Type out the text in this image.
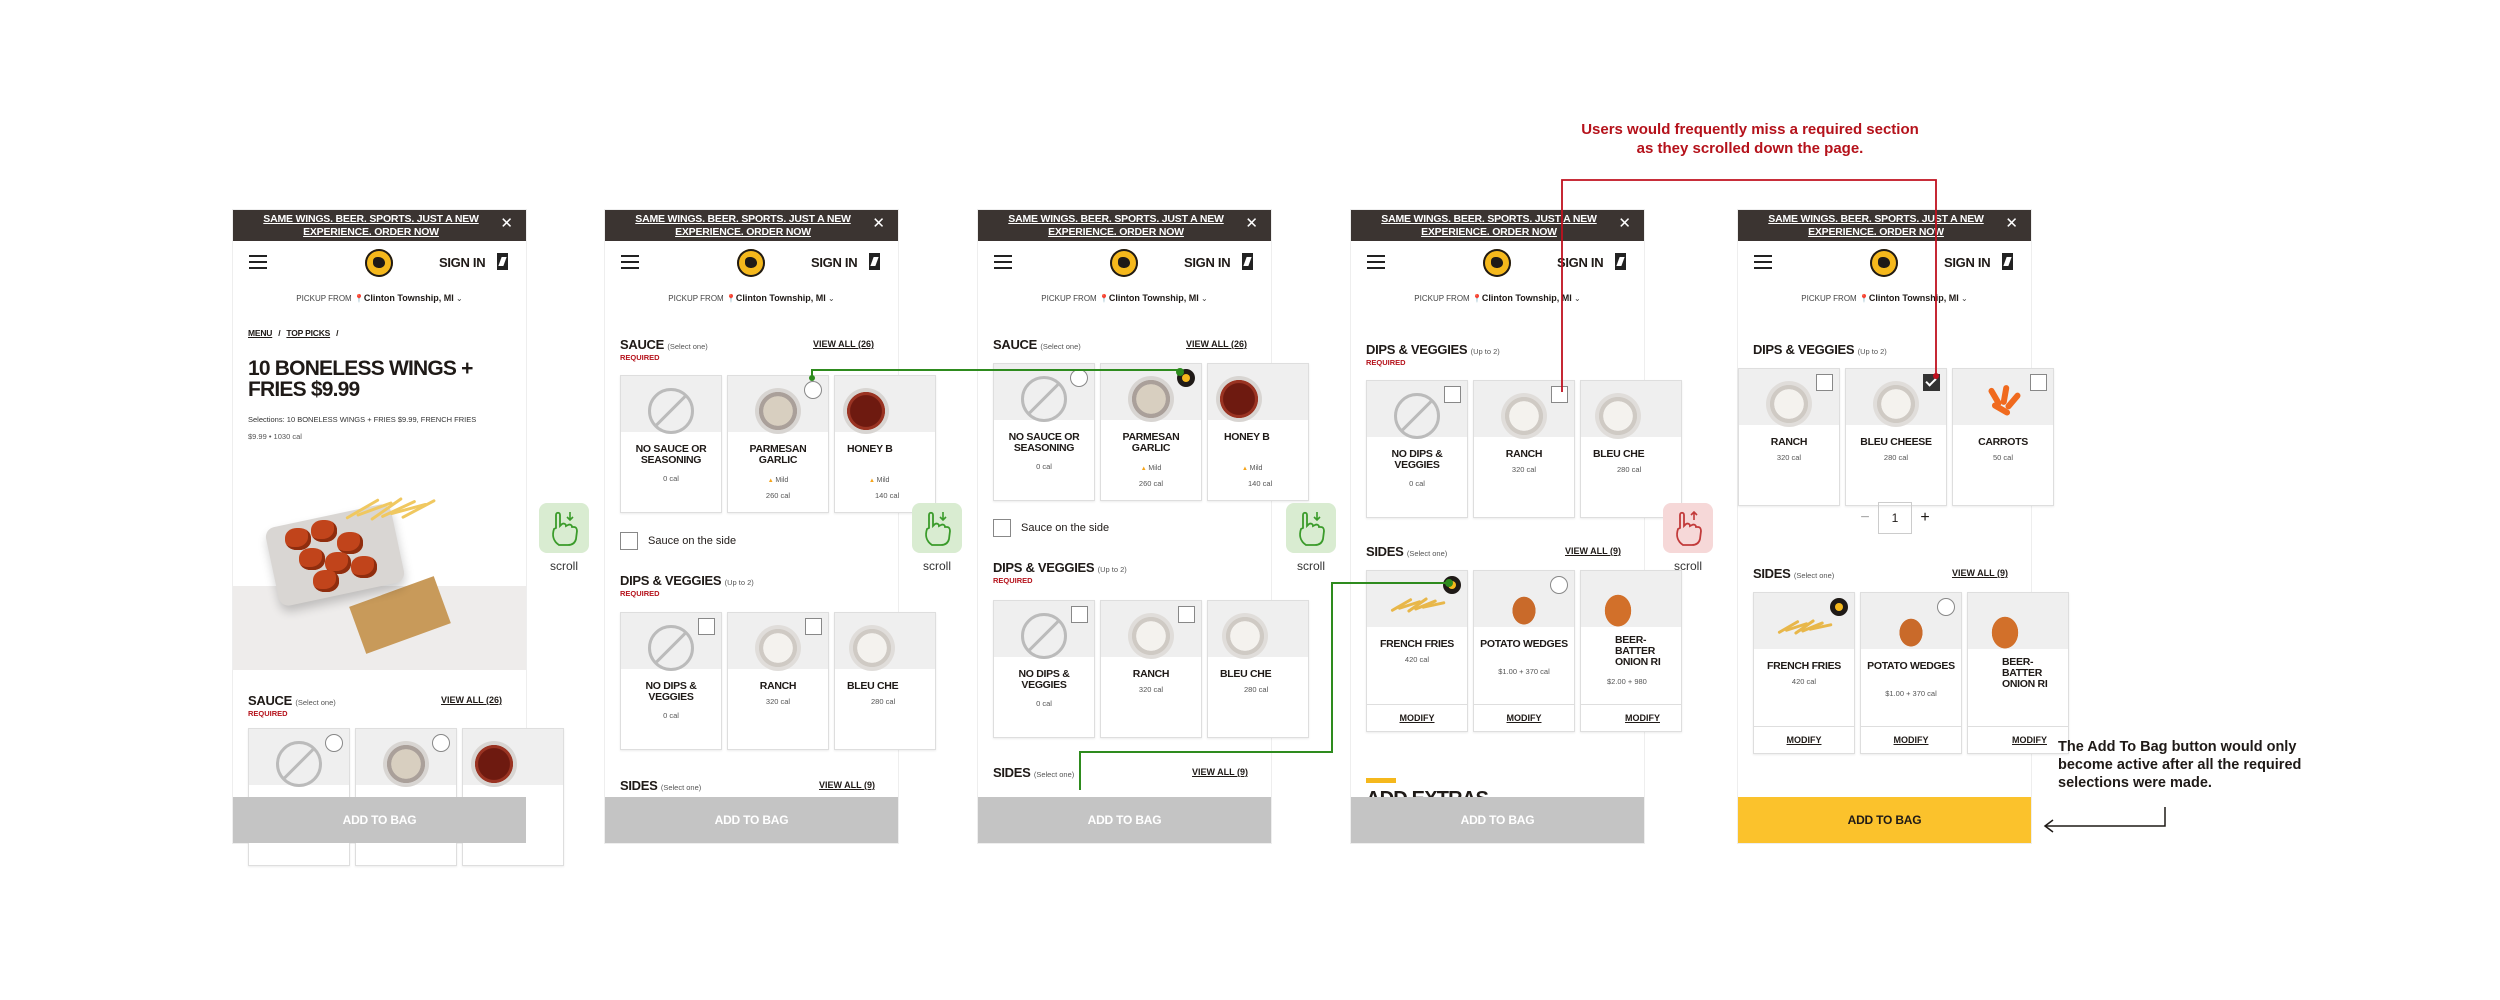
SAME WINGS. BEER. SPORTS. JUST A NEW EXPERIENCE. ORDER NOW	✕
SIGN IN
PICKUP FROM 📍Clinton Township, MI ⌄
MENU / TOP PICKS /
10 BONELESS WINGS + FRIES $9.99
Selections: 10 BONELESS WINGS + FRIES $9.99, FRENCH FRIES
$9.99 • 1030 cal
SAUCE (Select one)
REQUIRED
VIEW ALL (26)
ADD TO BAG
scroll
SAME WINGS. BEER. SPORTS. JUST A NEW EXPERIENCE. ORDER NOW	✕
SIGN IN
PICKUP FROM 📍Clinton Township, MI ⌄
SAUCE (Select one)
REQUIRED
VIEW ALL (26)
NO SAUCE OR SEASONING
0 cal
PARMESAN GARLIC
▲ Mild
260 cal
HONEY B
▲ Mild
140 cal
Sauce on the side
DIPS & VEGGIES (Up to 2)
REQUIRED
NO DIPS & VEGGIES
0 cal
RANCH
320 cal
BLEU CHE
280 cal
SIDES (Select one)	VIEW ALL (9)
ADD TO BAG
scroll
SAME WINGS. BEER. SPORTS. JUST A NEW EXPERIENCE. ORDER NOW	✕
SIGN IN
PICKUP FROM 📍Clinton Township, MI ⌄
SAUCE (Select one)	VIEW ALL (26)
NO SAUCE OR SEASONING
0 cal
PARMESAN GARLIC
▲ Mild
260 cal
HONEY B
▲ Mild
140 cal
Sauce on the side
DIPS & VEGGIES (Up to 2)
REQUIRED
NO DIPS & VEGGIES
0 cal
RANCH
320 cal
BLEU CHE
280 cal
SIDES (Select one)	VIEW ALL (9)
ADD TO BAG
scroll
SAME WINGS. BEER. SPORTS. JUST A NEW EXPERIENCE. ORDER NOW	✕
SIGN IN
PICKUP FROM 📍Clinton Township, MI ⌄
DIPS & VEGGIES (Up to 2)
REQUIRED
NO DIPS & VEGGIES
0 cal
RANCH
320 cal
BLEU CHE
280 cal
SIDES (Select one)	VIEW ALL (9)
FRENCH FRIES
420 cal
MODIFY
POTATO WEDGES
$1.00 + 370 cal
MODIFY
BEER-
BATTER
ONION RI
$2.00 + 980
MODIFY
ADD TO BAG
scroll
SAME WINGS. BEER. SPORTS. JUST A NEW EXPERIENCE. ORDER NOW	✕
SIGN IN
PICKUP FROM 📍Clinton Township, MI ⌄
DIPS & VEGGIES (Up to 2)
RANCH
320 cal
BLEU CHEESE
280 cal
CARROTS
50 cal
− 1 +
SIDES (Select one)	VIEW ALL (9)
FRENCH FRIES
420 cal
MODIFY
POTATO WEDGES
$1.00 + 370 cal
MODIFY
BEER-
BATTER
ONION RI
MODIFY
ADD TO BAG
Users would frequently miss a required section as they scrolled down the page.
The Add To Bag button would only become active after all the required selections were made.
